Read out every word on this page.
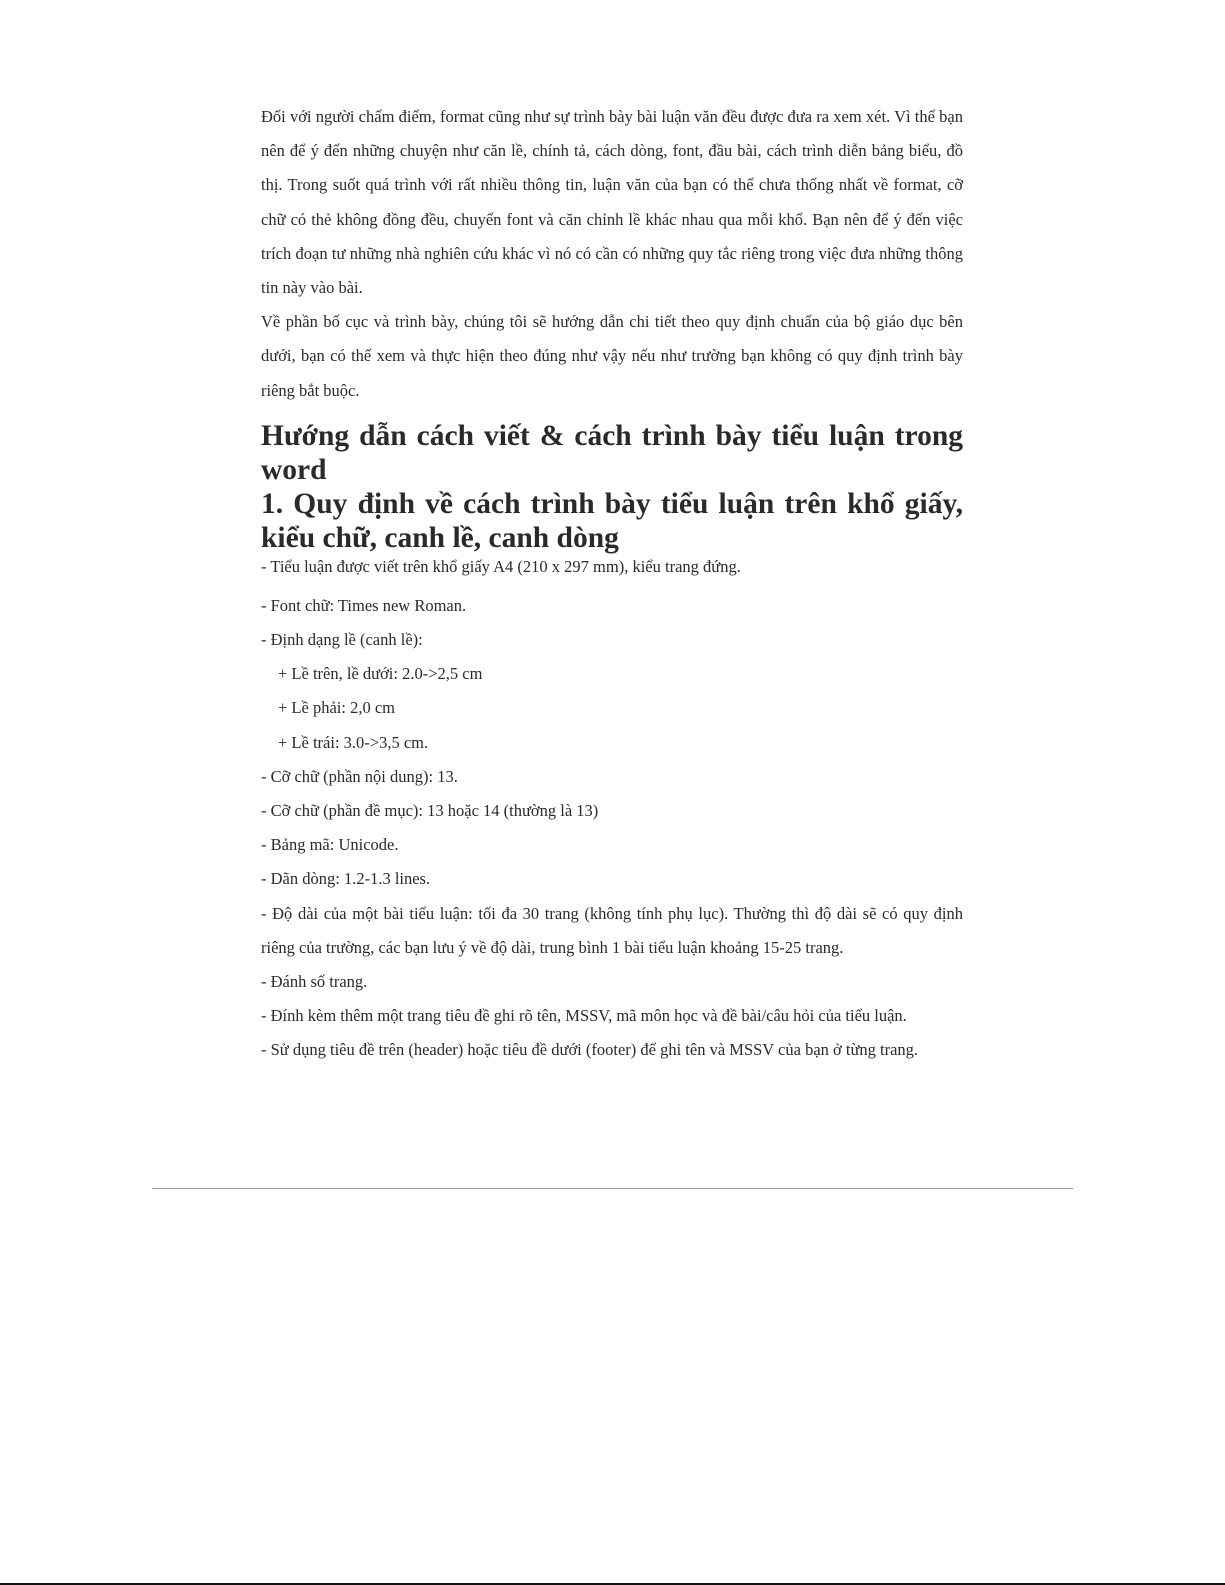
Đối với người chấm điểm, format cũng như sự trình bày bài luận văn đều được đưa ra xem xét. Vì thế bạn nên để ý đến những chuyện như căn lề, chính tả, cách dòng, font, đầu bài, cách trình diễn bảng biểu, đồ thị. Trong suốt quá trình với rất nhiều thông tin, luận văn của bạn có thể chưa thống nhất về format, cỡ chữ có thẻ không đồng đều, chuyển font và căn chỉnh lề khác nhau qua mỗi khổ. Bạn nên để ý đến việc trích đoạn tư những nhà nghiên cứu khác vì nó có cần có những quy tắc riêng trong việc đưa những thông tin này vào bài.

Về phần bố cục và trình bày, chúng tôi sẽ hướng dẫn chi tiết theo quy định chuẩn của bộ giáo dục bên dưới, bạn có thể xem và thực hiện theo đúng như vậy nếu như trường bạn không có quy định trình bày riêng bắt buộc.

Hướng dẫn cách viết & cách trình bày tiểu luận trong word
1. Quy định về cách trình bày tiểu luận trên khổ giấy, kiểu chữ, canh lề, canh dòng
- Tiểu luận được viết trên khổ giấy A4 (210 x 297 mm), kiểu trang đứng.
- Font chữ: Times new Roman.
- Định dạng lề (canh lề):
+ Lề trên, lề dưới: 2.0->2,5 cm
+ Lề phải: 2,0 cm
+ Lề trái: 3.0->3,5 cm.
- Cỡ chữ (phần nội dung): 13.
- Cỡ chữ (phần đề mục): 13 hoặc 14 (thường là 13)
- Bảng mã: Unicode.
- Dãn dòng: 1.2-1.3 lines.
- Độ dài của một bài tiểu luận: tối đa 30 trang (không tính phụ lục). Thường thì độ dài sẽ có quy định riêng của trường, các bạn lưu ý về độ dài, trung bình 1 bài tiểu luận khoảng 15-25 trang.
- Đánh số trang.
- Đính kèm thêm một trang tiêu đề ghi rõ tên, MSSV, mã môn học và đề bài/câu hỏi của tiểu luận.
- Sử dụng tiêu đề trên (header) hoặc tiêu đề dưới (footer) để ghi tên và MSSV của bạn ở từng trang.
